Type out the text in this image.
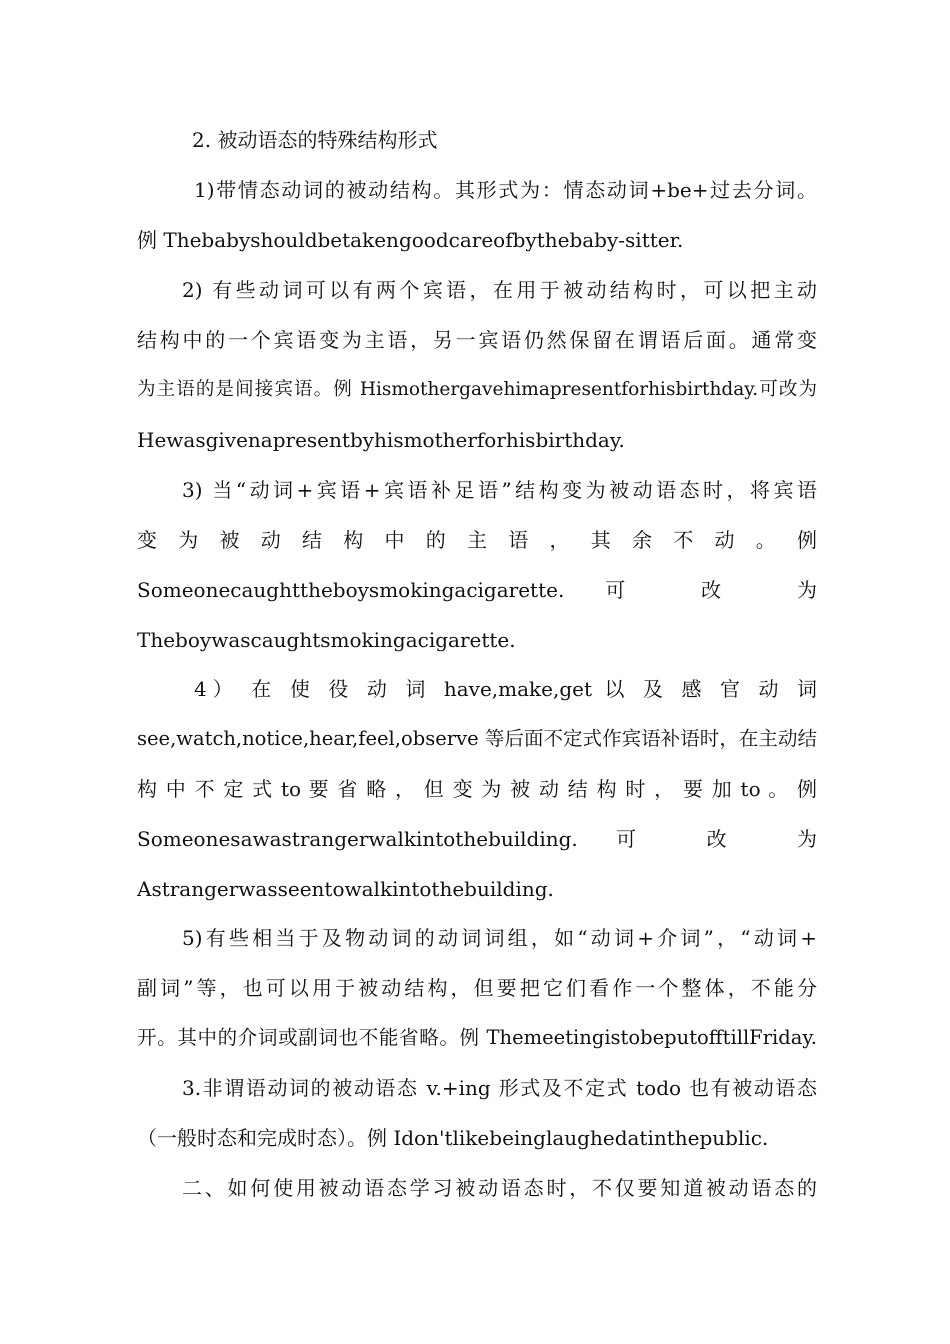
2. 被动语态的特殊结构形式
1)带情态动词的被动结构。其形式为：情态动词+be+过去分词。
例 Thebabyshouldbetakengoodcareofbythebaby-sitter.
2) 有些动词可以有两个宾语，在用于被动结构时，可以把主动
结构中的一个宾语变为主语，另一宾语仍然保留在谓语后面。通常变
为主语的是间接宾语。例 Hismothergavehimapresentforhisbirthday.可改为
Hewasgivenapresentbyhismotherforhisbirthday.
3) 当“动词+宾语+宾语补足语”结构变为被动语态时，将宾语
变 为 被 动 结 构 中 的 主 语 ， 其 余 不 动 。 例
Someonecaughttheboysmokingacigarette. 可 改 为
Theboywascaughtsmokingacigarette.
4） 在 使 役 动 词 have,make,get 以 及 感 官 动 词
see,watch,notice,hear,feel,observe 等后面不定式作宾语补语时，在主动结
构 中 不 定 式 to 要 省 略 ， 但 变 为 被 动 结 构 时 ， 要 加 to 。 例
Someonesawastrangerwalkintothebuilding. 可 改 为
Astrangerwasseentowalkintothebuilding.
5)有些相当于及物动词的动词词组，如“动词+介词”，“动词+
副词”等，也可以用于被动结构，但要把它们看作一个整体，不能分
开。其中的介词或副词也不能省略。例 ThemeetingistobeputofftillFriday.
3.非谓语动词的被动语态 v.+ing 形式及不定式 todo 也有被动语态
（一般时态和完成时态）。例 Idon'tlikebeinglaughedatinthepublic.
二、如何使用被动语态学习被动语态时，不仅要知道被动语态的
